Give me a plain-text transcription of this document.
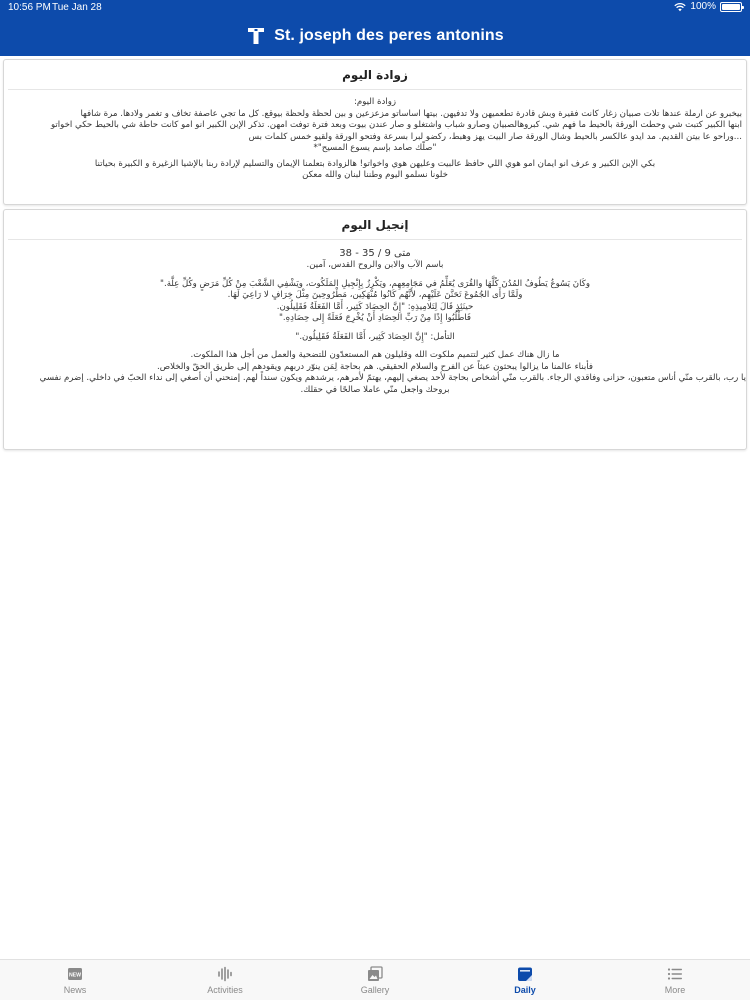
10:56 PM Tue Jan 28	100%
St. joseph des peres antonins
زوادة اليوم
زوادة اليوم:
بيخبرو عن ارملة عندها تلات صبيان زغار كانت فقيرة وبش قادرة تطعميهن ولا تدفيهن. بيتها اساساتو مزعزعين و بين لحظة ولحظة بيوقع. كل ما تجي عاصفة تخاف و تغمر ولادها. مرة شافها
ابنها الكبير كتبت شي وحطت الورقة بالحيط ما فهم شي. كبروهالصبيان وصارو شباب واشتغلو و صار عندن بيوت وبعد فترة توفت امهن. تذكر الإبن الكبير انو امو كانت حاطة شي بالحيط حكي اخواتو
...وراحو عا بيتن القديم. مد ايدو عالكسر بالحيط وشال الورقة صار البيت يهز وهبط، ركضو لبرا بسرعة وفتحو الورقة ولقيو خمس كلمات بس
"صلّك صامد بإسم يسوع المسيح"*
بكي الإبن الكبير و عرف انو ايمان امو هوي اللي حافظ عالبيت وعليهن هوي واخواتو! هالزوادة بتعلمنا الإيمان والتسليم لإرادة ربنا بالإشيا الزغيرة و الكبيرة بحياتنا
خلونا نسلمو اليوم وطننا لبنان والله معكن
إنجيل اليوم
متى 9 / 35 - 38
باسم الآب والابن والروح القدس، آمين.
وكَانَ يَسُوعُ يَطُوفُ المُدُنَ كُلَّهَا والقُرَى يُعَلِّمُ في مَجَامِعِهِم، ويَكْرِزُ بِإِنْجِيلِ المَلَكُوت، ويَشْفِي الشَّعْبَ مِنْ كُلِّ مَرَضٍ وكُلِّ عِلَّة."
ولَمَّا رَأَى الجُمُوعَ تَحَنَّنَ عَلَيْهِم، لأَنَّهُم كَانُوا مُنْهَكِين، مَطْرُوحِينَ مِثْلَ خِرَافٍ لا رَاعِيَ لَهَا.
حينَئِذٍ قَالَ لِتَلامِيذِهِ: "إِنَّ الحِصَادَ كَثِير، أَمَّا الفَعَلَةُ فَقَلِيلُون.
فَاطْلُبُوا إِذًا مِنْ رَبِّ الحِصَادِ أَنْ يُخْرِجَ فَعَلَةً إِلى حِصَادِهِ."
التأمل: "إِنَّ الحِصَادَ كَثِير، أَمَّا الفَعَلَةُ فَقَلِيلُون."
ما زال هناك عمل كثير لتتميم ملكوت الله وقليلون هم المستعدّون للتضحية والعمل من أجل هذا الملكوت.
فأبناء عالمنا ما يزالوا يبحثون عبثاً عن الفرح والسلام الحقيقي. هم بحاجة لِمَن ينوّر دربهم ويقودهم إلى طريق الحقّ والخلاص.
يا رب، بالقرب منّي أناس متعبون، حزانى وفاقدي الرجاء. بالقرب منّي أشخاص بحاجة لأحد يصغي إليهم، يهتمّ لأمرهم، يرشدهم ويكون سنداً لهم. إمنحني أن أصغي إلى نداء الحبّ في داخلي. إضرم نفسي
بروحك واجعل منّي عاملا صالحًا في حقلك.
NEW
News	Activities	Gallery	Daily	More
